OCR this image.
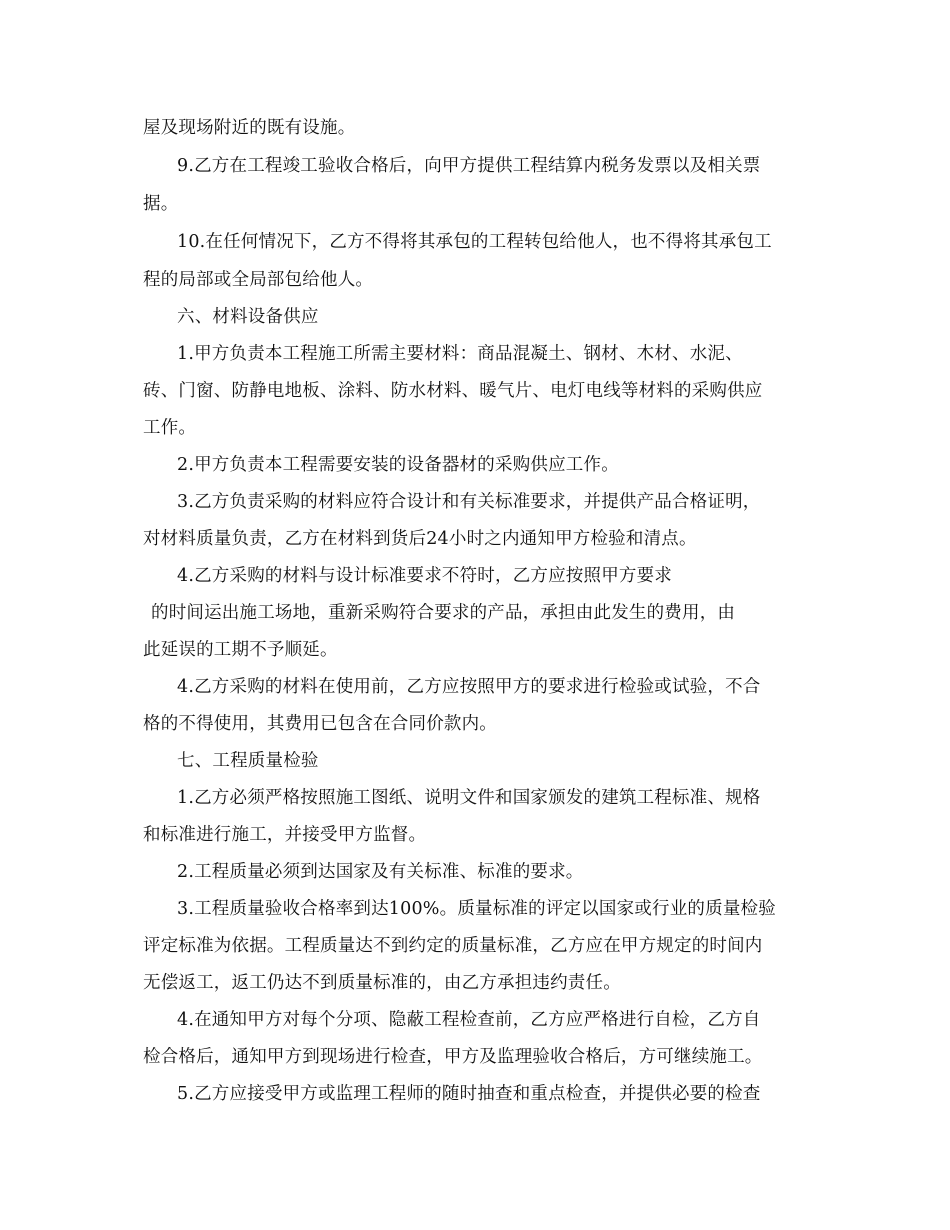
屋及现场附近的既有设施。
9.乙方在工程竣工验收合格后，向甲方提供工程结算内税务发票以及相关票
据。
10.在任何情况下，乙方不得将其承包的工程转包给他人，也不得将其承包工
程的局部或全局部包给他人。
六、材料设备供应
1.甲方负责本工程施工所需主要材料：商品混凝土、钢材、木材、水泥、
砖、门窗、防静电地板、涂料、防水材料、暖气片、电灯电线等材料的采购供应
工作。
2.甲方负责本工程需要安装的设备器材的采购供应工作。
3.乙方负责采购的材料应符合设计和有关标准要求，并提供产品合格证明，
对材料质量负责，乙方在材料到货后24小时之内通知甲方检验和清点。
4.乙方采购的材料与设计标准要求不符时，乙方应按照甲方要求
的时间运出施工场地，重新采购符合要求的产品，承担由此发生的费用，由
此延误的工期不予顺延。
4.乙方采购的材料在使用前，乙方应按照甲方的要求进行检验或试验，不合
格的不得使用，其费用已包含在合同价款内。
七、工程质量检验
1.乙方必须严格按照施工图纸、说明文件和国家颁发的建筑工程标准、规格
和标准进行施工，并接受甲方监督。
2.工程质量必须到达国家及有关标准、标准的要求。
3.工程质量验收合格率到达100%。质量标准的评定以国家或行业的质量检验
评定标准为依据。工程质量达不到约定的质量标准，乙方应在甲方规定的时间内
无偿返工，返工仍达不到质量标准的，由乙方承担违约责任。
4.在通知甲方对每个分项、隐蔽工程检查前，乙方应严格进行自检，乙方自
检合格后，通知甲方到现场进行检查，甲方及监理验收合格后，方可继续施工。
5.乙方应接受甲方或监理工程师的随时抽查和重点检查，并提供必要的检查
